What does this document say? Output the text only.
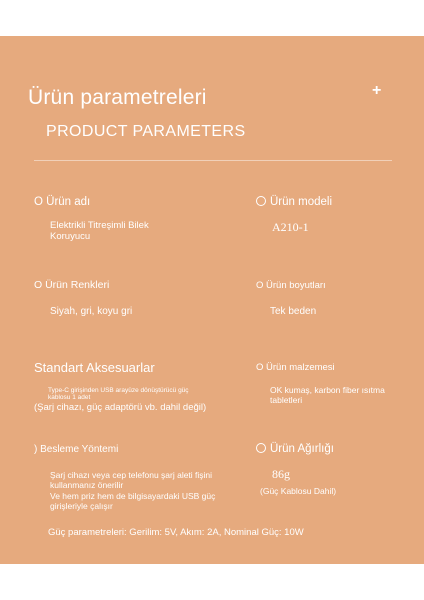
Ürün parametreleri	+
PRODUCT PARAMETERS
O Ürün adı
Elektrikli Titreşimli Bilek Koruyucu
Ürün modeli
A210-1
O Ürün Renkleri
Siyah, gri, koyu gri
O Ürün boyutları
Tek beden
Standart Aksesuarlar
Type-C girişinden USB arayüze dönüştürücü güç kablosu 1 adet
(Şarj cihazı, güç adaptörü vb. dahil değil)
O Ürün malzemesi
OK kumaş, karbon fiber ısıtma tabletleri
) Besleme Yöntemi
Şarj cihazı veya cep telefonu şarj aleti fişini kullanmanız önerilir
Ve hem priz hem de bilgisayardaki USB güç girişleriyle çalışır
Ürün Ağırlığı
86g
(Güç Kablosu Dahil)
Güç parametreleri: Gerilim: 5V, Akım: 2A, Nominal Güç: 10W
